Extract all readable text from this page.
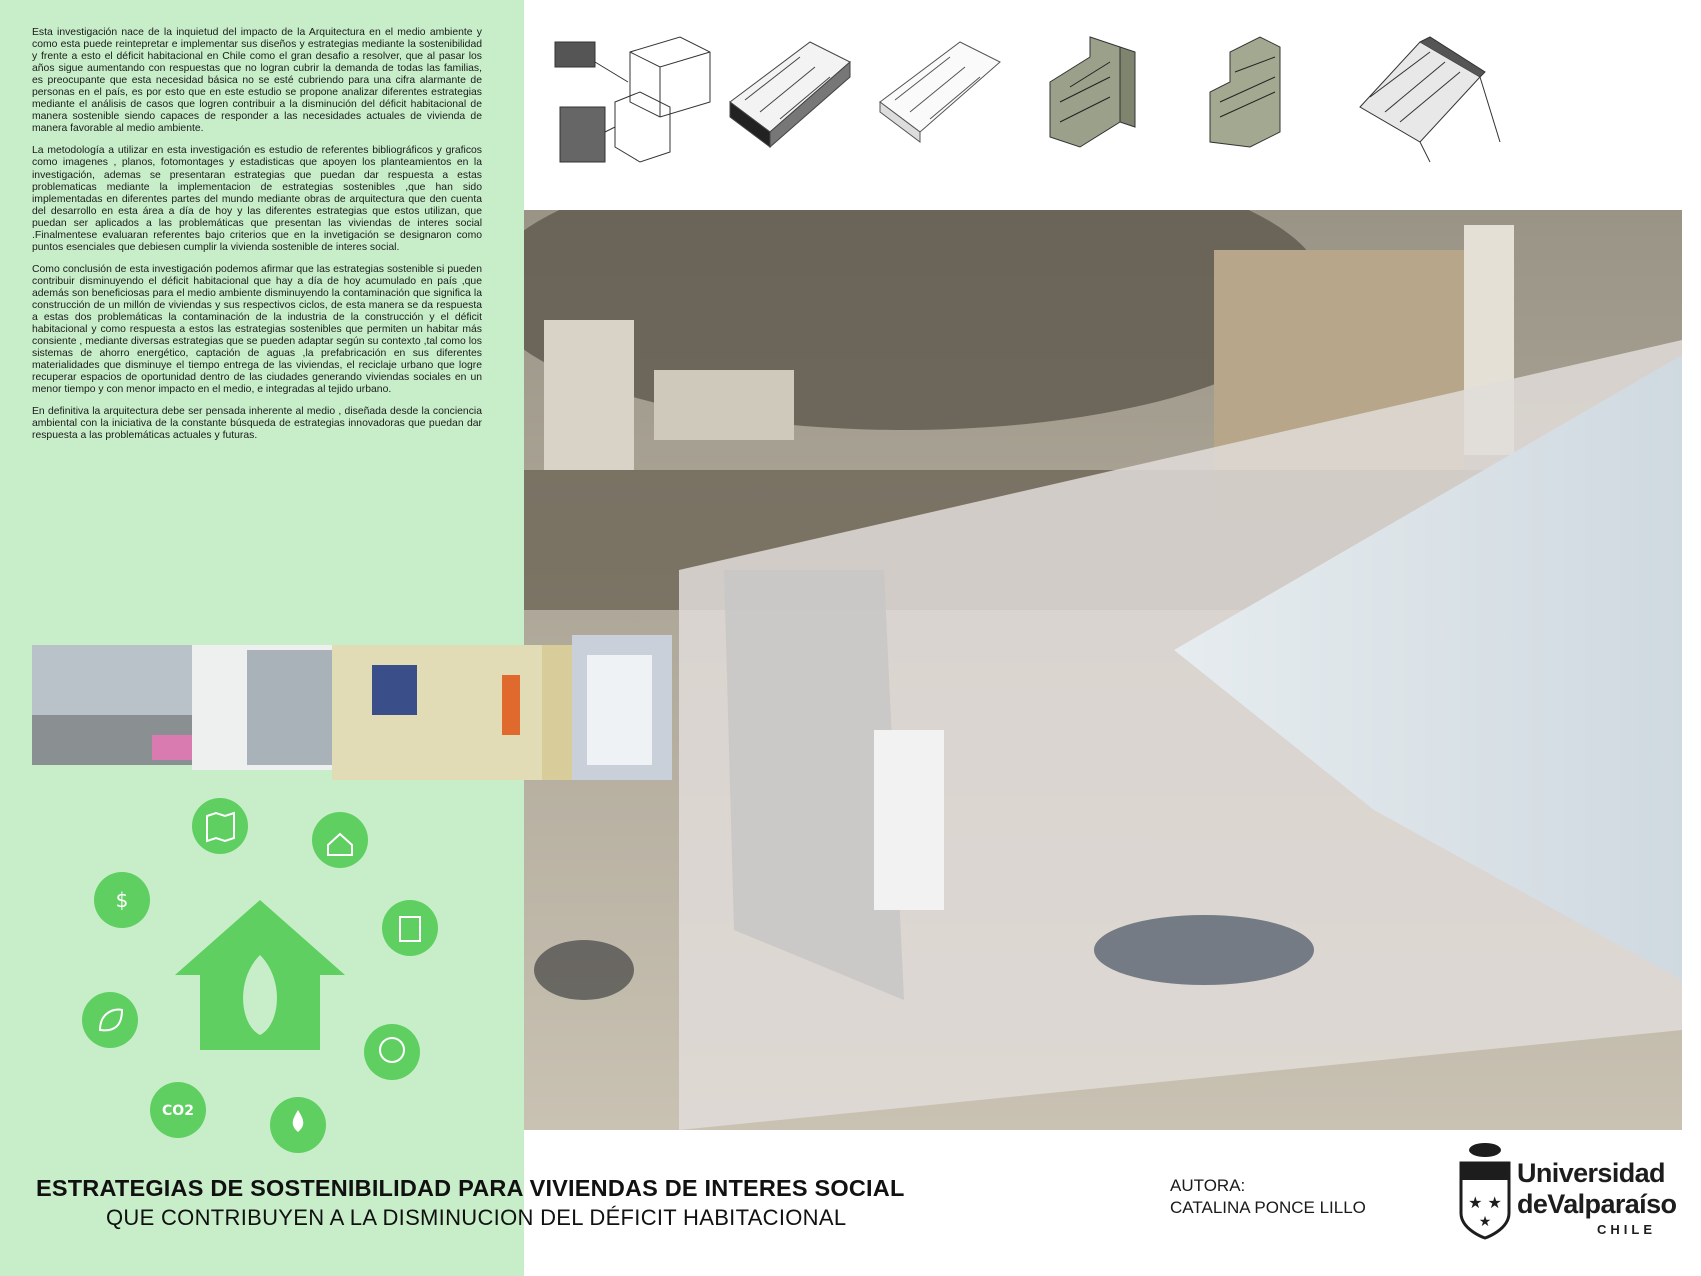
Esta investigación nace de la inquietud del impacto de la Arquitectura en el medio ambiente y como esta puede reintepretar e implementar sus diseños y estrategias mediante la sostenibilidad y frente a esto el déficit habitacional en Chile como el gran desafio a resolver, que al pasar los años sigue aumentando con respuestas que no logran cubrir la demanda de todas las familias, es preocupante que esta necesidad básica no se esté cubriendo para una cifra alarmante de personas en el país, es por esto que en este estudio se propone analizar diferentes estrategias mediante el análisis de casos que logren contribuir a la disminución del déficit habitacional de manera sostenible siendo capaces de responder a las necesidades actuales de vivienda de manera favorable al medio ambiente.

La metodología a utilizar en esta investigación es estudio de referentes bibliográficos y graficos como imagenes , planos, fotomontages y estadisticas que apoyen los planteamientos en la investigación, ademas se presentaran estrategias que puedan dar respuesta a estas problematicas mediante la implementacion de estrategias sostenibles ,que han sido implementadas en diferentes partes del mundo mediante obras de arquitectura que den cuenta del desarrollo en esta área a día de hoy y las diferentes estrategias que estos utilizan, que puedan ser aplicados a las problemáticas que presentan las viviendas de interes social .Finalmentese evaluaran referentes bajo criterios que en la invetigación se designaron como puntos esenciales que debiesen cumplir la vivienda sostenible de interes social.

Como conclusión de esta investigación podemos afirmar que las estrategias sostenible si pueden contribuir disminuyendo el déficit habitacional que hay a día de hoy acumulado en país ,que además son beneficiosas para el medio ambiente disminuyendo la contaminación que significa la construcción de un millón de viviendas y sus respectivos ciclos, de esta manera se da respuesta a estas dos problemáticas la contaminación de la industria de la construcción y el déficit habitacional y como respuesta a estos las estrategias sostenibles que permiten un habitar más consiente , mediante diversas estrategias que se pueden adaptar según su contexto ,tal como los sistemas de ahorro energético, captación de aguas ,la prefabricación en sus diferentes materialidades que disminuye el tiempo entrega de las viviendas, el reciclaje urbano que logre recuperar espacios de oportunidad dentro de las ciudades generando viviendas sociales en un menor tiempo y con menor impacto en el medio, e integradas al tejido urbano.

En definitiva la arquitectura debe ser pensada inherente al medio , diseñada desde la conciencia ambiental con la iniciativa de la constante búsqueda de estrategias innovadoras que puedan dar respuesta a las problemáticas actuales y futuras.

$
CO2
ESTRATEGIAS DE SOSTENIBILIDAD PARA VIVIENDAS DE INTERES SOCIAL
QUE CONTRIBUYEN A LA DISMINUCION DEL DÉFICIT HABITACIONAL
AUTORA:
CATALINA PONCE LILLO	★ ★
★
Universidad
deValparaíso
CHILE
